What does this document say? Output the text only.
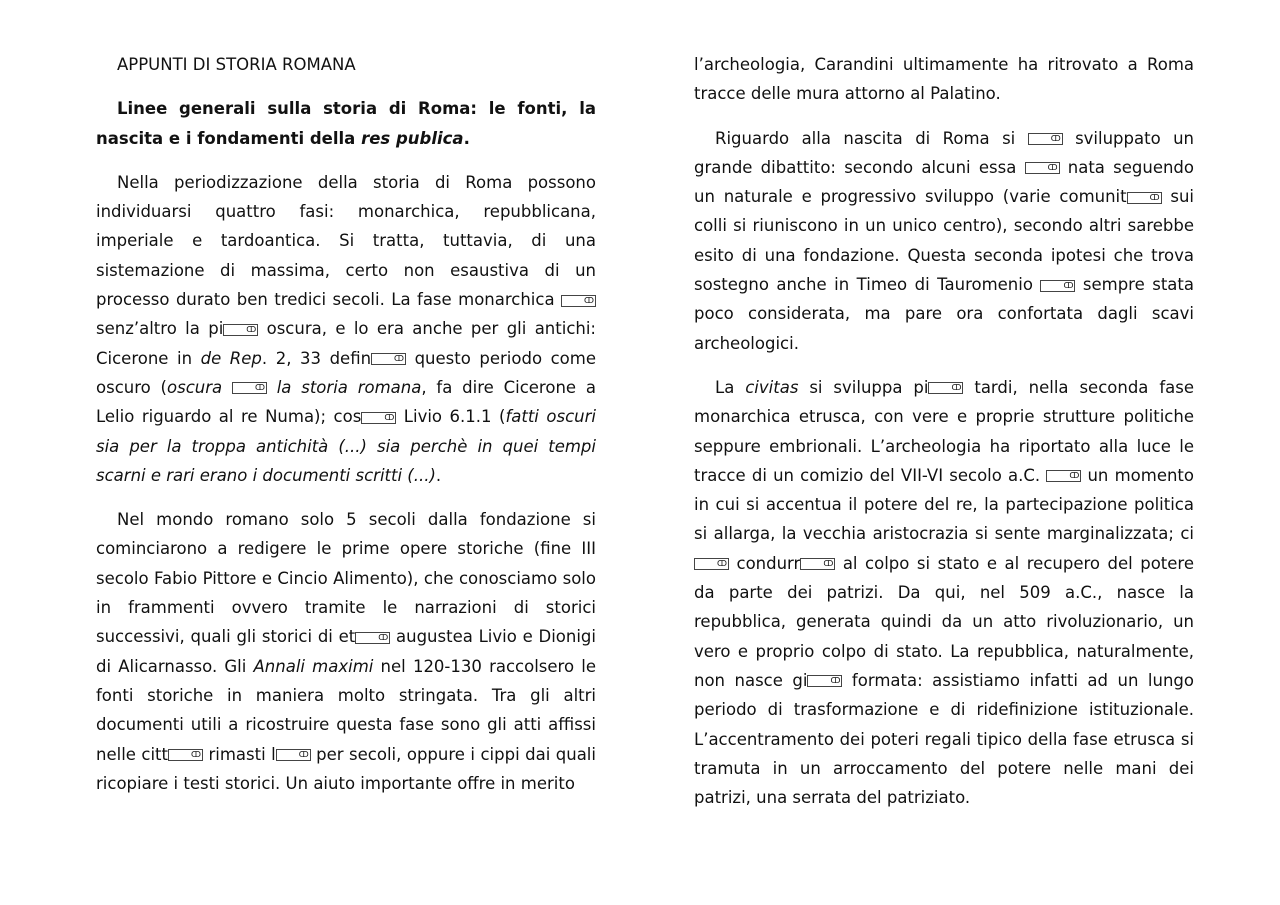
APPUNTI DI STORIA ROMANA

Linee generali sulla storia di Roma: le fonti, la nascita e i fondamenti della res publica.

Nella periodizzazione della storia di Roma possono individuarsi quattro fasi: monarchica, repubblicana, imperiale e tardoantica. Si tratta, tuttavia, di una sistemazione di massima, certo non esaustiva di un processo durato ben tredici secoli. La fase monarchica	ↀ senz’altro la pi	ↀ oscura, e lo era anche per gli antichi: Cicerone in de Rep. 2, 33 defin	ↀ questo periodo come oscuro (oscura	ↀ la storia romana, fa dire Cicerone a Lelio riguardo al re Numa); cos	ↀ Livio 6.1.1 (fatti oscuri sia per la troppa antichità (...) sia perchè in quei tempi scarni e rari erano i documenti scritti (...).

Nel mondo romano solo 5 secoli dalla fondazione si cominciarono a redigere le prime opere storiche (fine III secolo Fabio Pittore e Cincio Alimento), che conosciamo solo in frammenti ovvero tramite le narrazioni di storici successivi, quali gli storici di et	ↀ augustea Livio e Dionigi di Alicarnasso. Gli Annali maximi nel 120-130 raccolsero le fonti storiche in maniera molto stringata. Tra gli altri documenti utili a ricostruire questa fase sono gli atti affissi nelle citt	ↀ rimasti l	ↀ per secoli, oppure i cippi dai quali ricopiare i testi storici. Un aiuto importante offre in merito

l’archeologia, Carandini ultimamente ha ritrovato a Roma tracce delle mura attorno al Palatino.

Riguardo alla nascita di Roma si	ↀ sviluppato un grande dibattito: secondo alcuni essa	ↀ nata seguendo un naturale e progressivo sviluppo (varie comunit	ↀ sui colli si riuniscono in un unico centro), secondo altri sarebbe esito di una fondazione. Questa seconda ipotesi che trova sostegno anche in Timeo di Tauromenio	ↀ sempre stata poco considerata, ma pare ora confortata dagli scavi archeologici.

La civitas si sviluppa pi	ↀ tardi, nella seconda fase monarchica etrusca, con vere e proprie strutture politiche seppure embrionali. L’archeologia ha riportato alla luce le tracce di un comizio del VII-VI secolo a.C.	ↀ un momento in cui si accentua il potere del re, la partecipazione politica si allarga, la vecchia aristocrazia si sente marginalizzata; ciↀ condurr	ↀ al colpo si stato e al recupero del potere da parte dei patrizi. Da qui, nel 509 a.C., nasce la repubblica, generata quindi da un atto rivoluzionario, un vero e proprio colpo di stato. La repubblica, naturalmente, non nasce gi	ↀ formata: assistiamo infatti ad un lungo periodo di trasformazione e di ridefinizione istituzionale. L’accentramento dei poteri regali tipico della fase etrusca si tramuta in un arroccamento del potere nelle mani dei patrizi, una serrata del patriziato.
